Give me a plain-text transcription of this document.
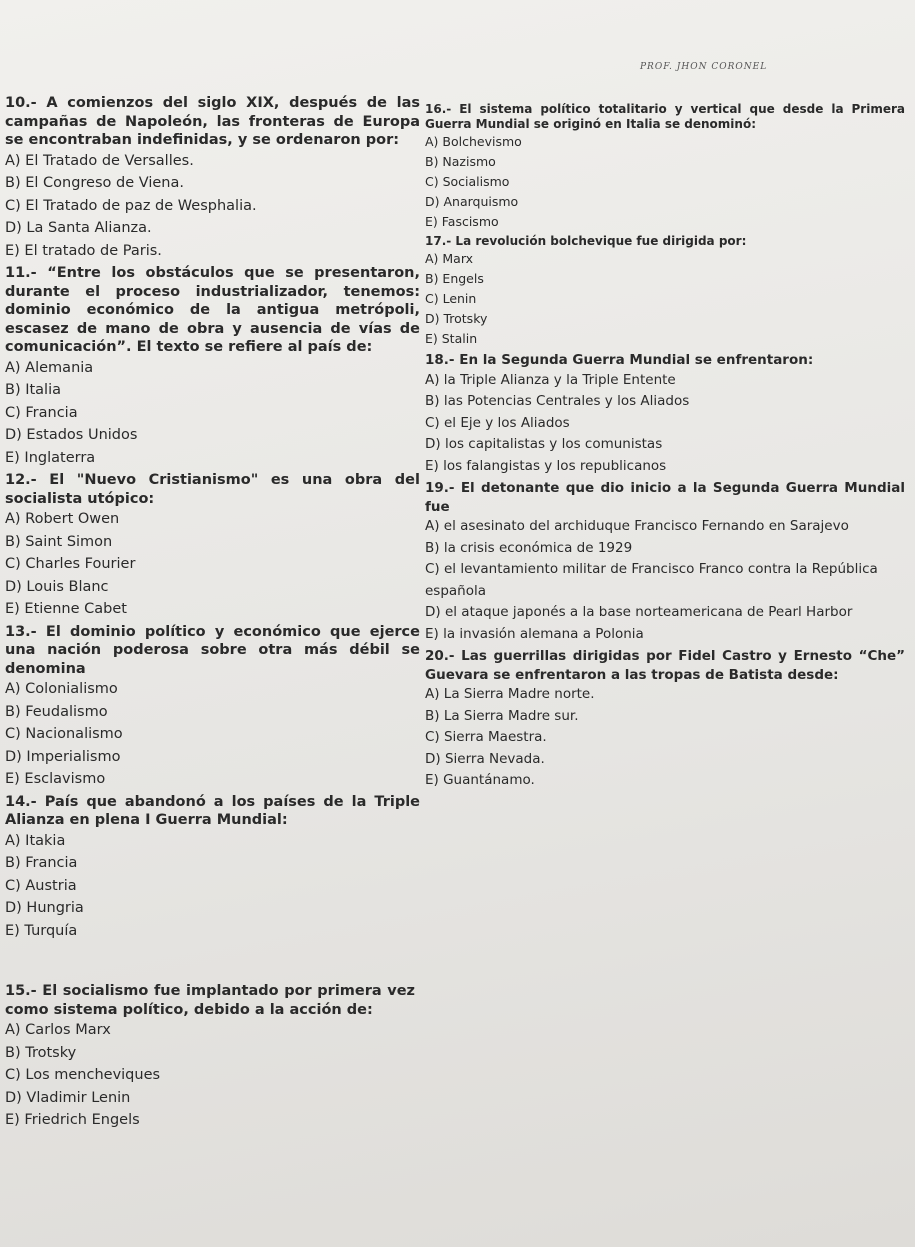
PROF. JHON CORONEL

10.- A comienzos del siglo XIX, después de las campañas de Napoleón, las fronteras de Europa se encontraban indefinidas, y se ordenaron por:

A) El Tratado de Versalles.
B) El Congreso de Viena.
C) El Tratado de paz de Wesphalia.
D) La Santa Alianza.
E) El tratado de Paris.

11.- “Entre los obstáculos que se presentaron, durante el proceso industrializador, tenemos: dominio económico de la antigua metrópoli, escasez de mano de obra y ausencia de vías de comunicación”. El texto se refiere al país de:

A) Alemania
B) Italia
C) Francia
D) Estados Unidos
E) Inglaterra

12.- El "Nuevo Cristianismo" es una obra del socialista utópico:

A) Robert Owen
B) Saint Simon
C) Charles Fourier
D) Louis Blanc
E) Etienne Cabet

13.- El dominio político y económico que ejerce una nación poderosa sobre otra más débil se denomina

A) Colonialismo
B) Feudalismo
C) Nacionalismo
D) Imperialismo
E) Esclavismo

14.- País que abandonó a los países de la Triple Alianza en plena I Guerra Mundial:

A) Itakia
B) Francia
C) Austria
D) Hungria
E) Turquía

15.- El socialismo fue implantado por primera vez como sistema político, debido a la acción de:

A) Carlos Marx
B) Trotsky
C) Los mencheviques
D) Vladimir Lenin
E) Friedrich Engels

16.- El sistema político totalitario y vertical que desde la Primera Guerra Mundial se originó en Italia se denominó:

A) Bolchevismo
B) Nazismo
C) Socialismo
D) Anarquismo
E) Fascismo

17.- La revolución bolchevique fue dirigida por:

A) Marx
B) Engels
C) Lenin
D) Trotsky
E) Stalin

18.- En la Segunda Guerra Mundial se enfrentaron:

A) la Triple Alianza y la Triple Entente
B) las Potencias Centrales y los Aliados
C) el Eje y los Aliados
D) los capitalistas y los comunistas
E) los falangistas y los republicanos

19.- El detonante que dio inicio a la Segunda Guerra Mundial fue

A) el asesinato del archiduque Francisco Fernando en Sarajevo
B) la crisis económica de 1929
C) el levantamiento militar de Francisco Franco contra la República española
D) el ataque japonés a la base norteamericana de Pearl Harbor
E) la invasión alemana a Polonia

20.- Las guerrillas dirigidas por Fidel Castro y Ernesto “Che” Guevara se enfrentaron a las tropas de Batista desde:

A) La Sierra Madre norte.
B) La Sierra Madre sur.
C) Sierra Maestra.
D) Sierra Nevada.
E) Guantánamo.
